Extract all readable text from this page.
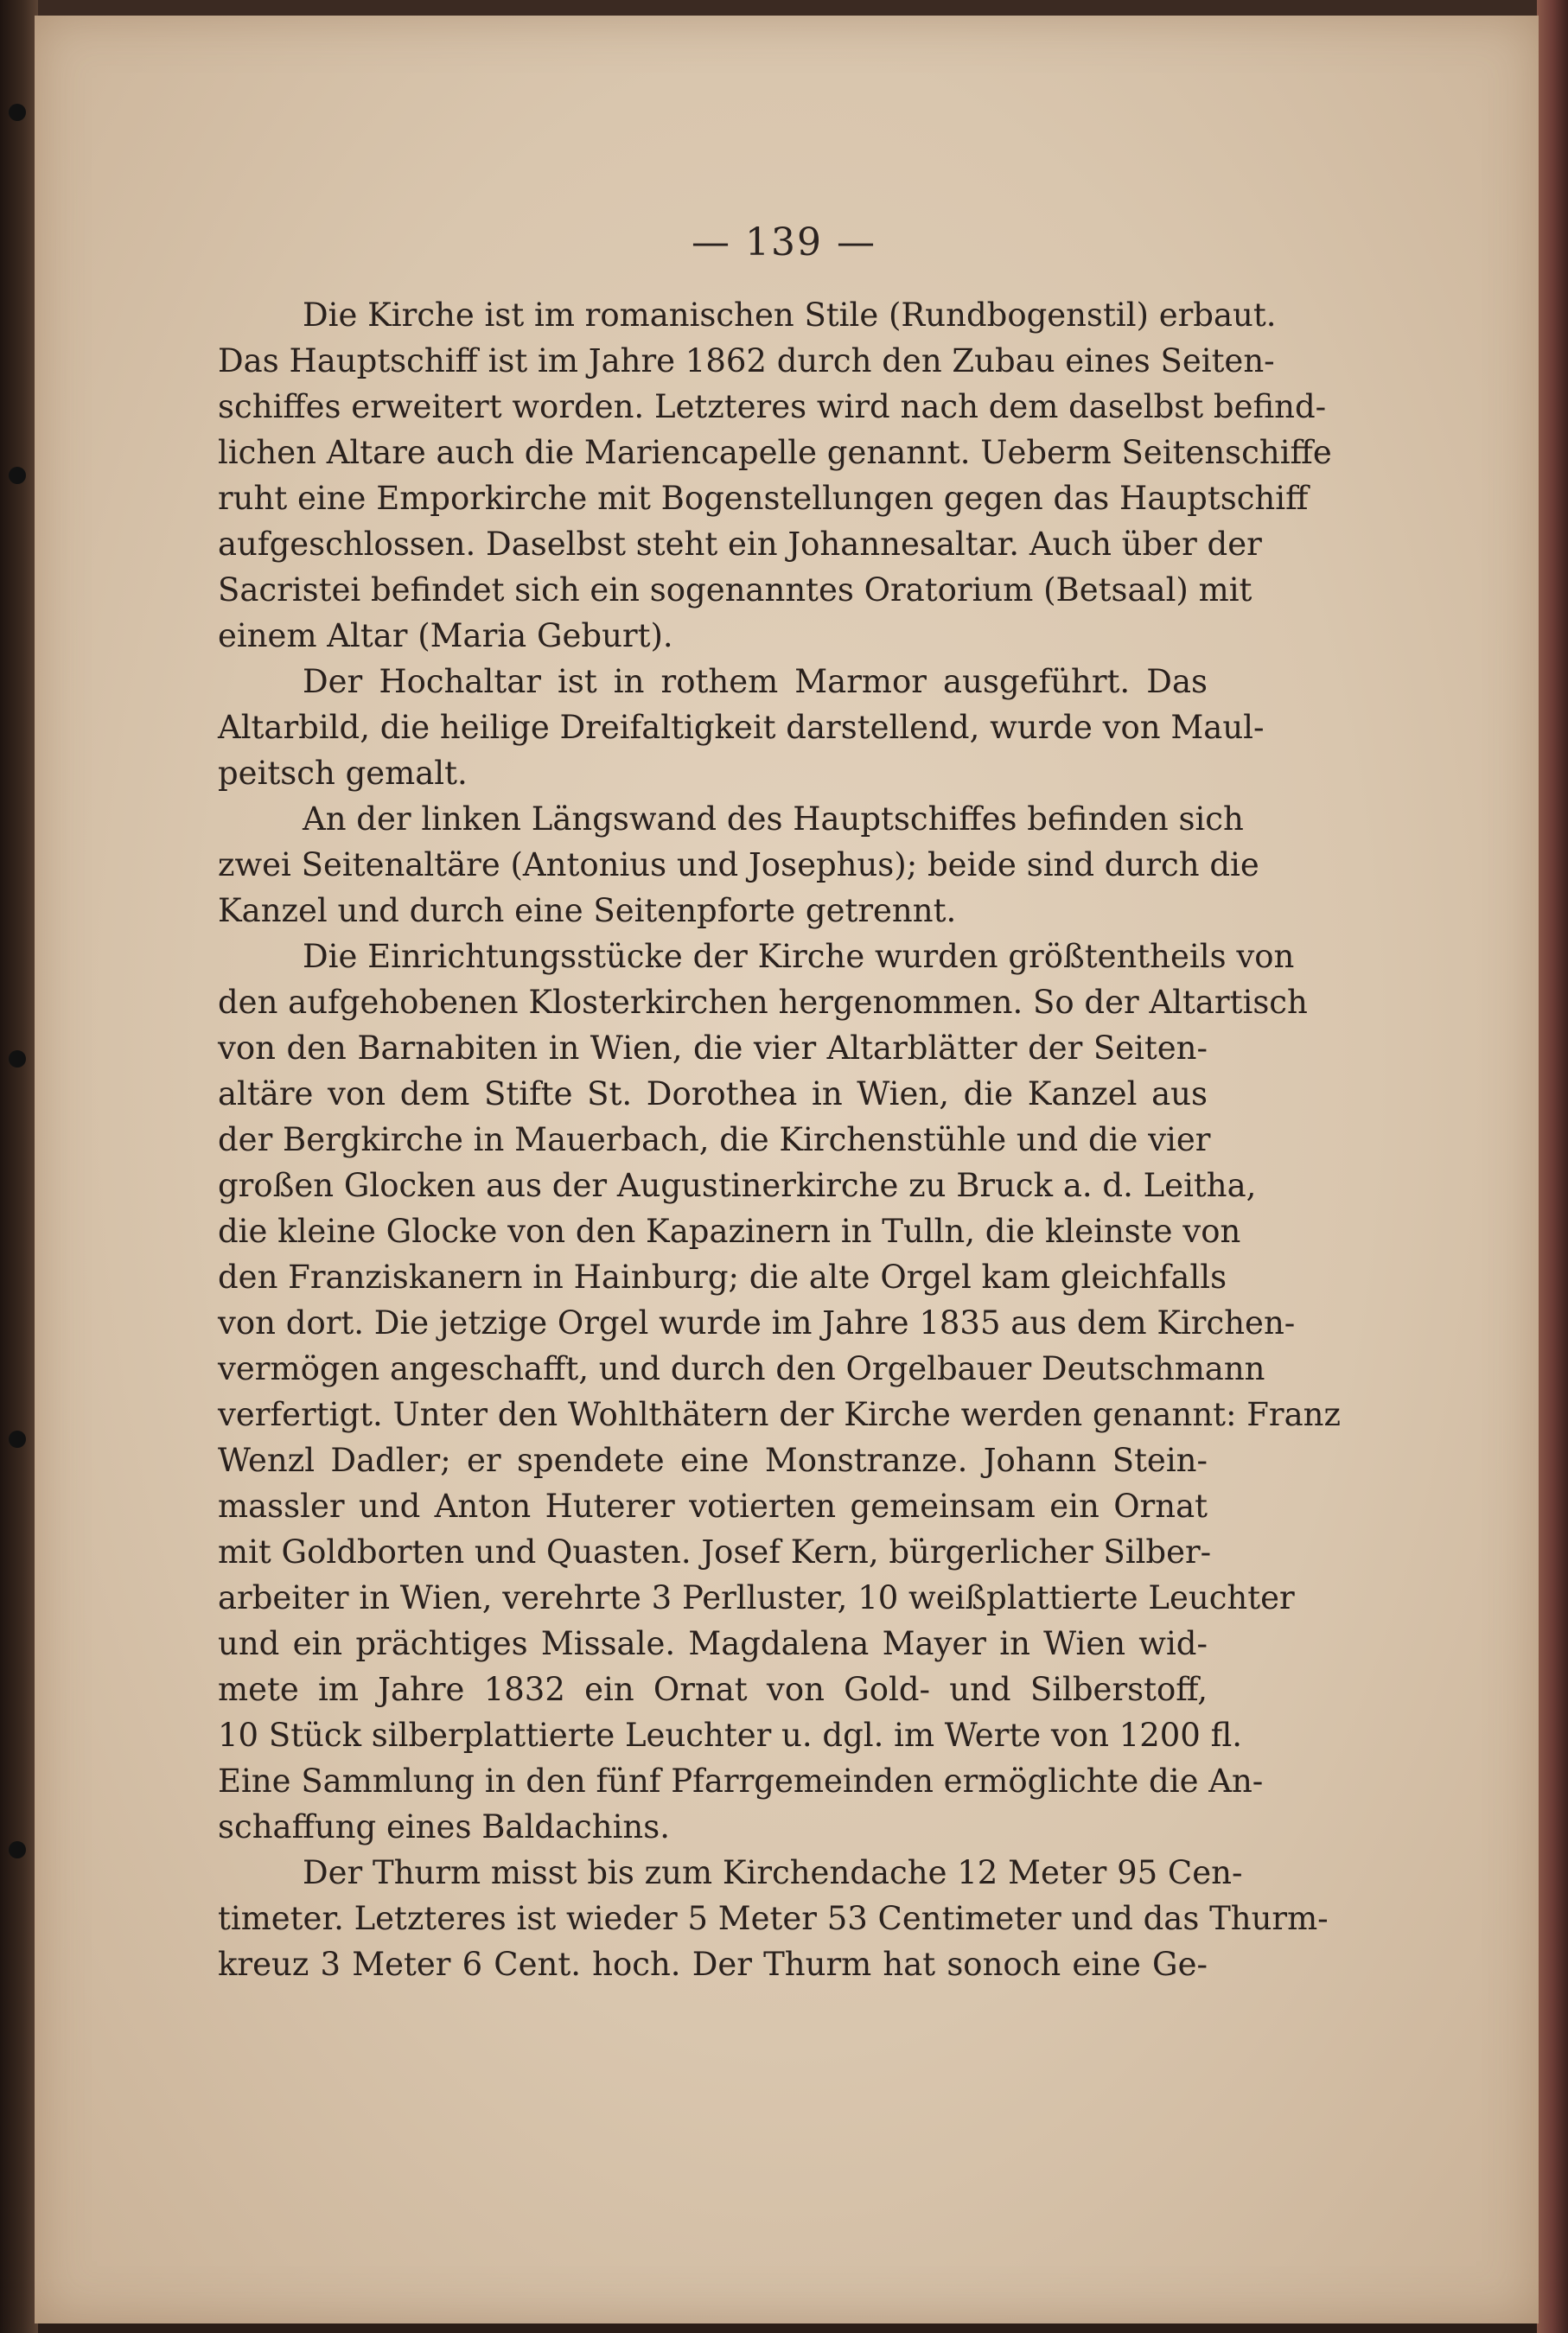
— 139 —
Die Kirche ist im romanischen Stile (Rundbogenstil) erbaut.
Das Hauptschiff ist im Jahre 1862 durch den Zubau eines Seiten-
schiffes erweitert worden. Letzteres wird nach dem daselbst befind-
lichen Altare auch die Mariencapelle genannt. Ueberm Seitenschiffe
ruht eine Emporkirche mit Bogenstellungen gegen das Hauptschiff
aufgeschlossen. Daselbst steht ein Johannesaltar. Auch über der
Sacristei befindet sich ein sogenanntes Oratorium (Betsaal) mit
einem Altar (Maria Geburt).
Der Hochaltar ist in rothem Marmor ausgeführt. Das
Altarbild, die heilige Dreifaltigkeit darstellend, wurde von Maul-
peitsch gemalt.
An der linken Längswand des Hauptschiffes befinden sich
zwei Seitenaltäre (Antonius und Josephus); beide sind durch die
Kanzel und durch eine Seitenpforte getrennt.
Die Einrichtungsstücke der Kirche wurden größtentheils von
den aufgehobenen Klosterkirchen hergenommen. So der Altartisch
von den Barnabiten in Wien, die vier Altarblätter der Seiten-
altäre von dem Stifte St. Dorothea in Wien, die Kanzel aus
der Bergkirche in Mauerbach, die Kirchenstühle und die vier
großen Glocken aus der Augustinerkirche zu Bruck a. d. Leitha,
die kleine Glocke von den Kapazinern in Tulln, die kleinste von
den Franziskanern in Hainburg; die alte Orgel kam gleichfalls
von dort. Die jetzige Orgel wurde im Jahre 1835 aus dem Kirchen-
vermögen angeschafft, und durch den Orgelbauer Deutschmann
verfertigt. Unter den Wohlthätern der Kirche werden genannt: Franz
Wenzl Dadler; er spendete eine Monstranze. Johann Stein-
massler und Anton Huterer votierten gemeinsam ein Ornat
mit Goldborten und Quasten. Josef Kern, bürgerlicher Silber-
arbeiter in Wien, verehrte 3 Perlluster, 10 weißplattierte Leuchter
und ein prächtiges Missale. Magdalena Mayer in Wien wid-
mete im Jahre 1832 ein Ornat von Gold- und Silberstoff,
10 Stück silberplattierte Leuchter u. dgl. im Werte von 1200 fl.
Eine Sammlung in den fünf Pfarrgemeinden ermöglichte die An-
schaffung eines Baldachins.
Der Thurm misst bis zum Kirchendache 12 Meter 95 Cen-
timeter. Letzteres ist wieder 5 Meter 53 Centimeter und das Thurm-
kreuz 3 Meter 6 Cent. hoch. Der Thurm hat sonoch eine Ge-
